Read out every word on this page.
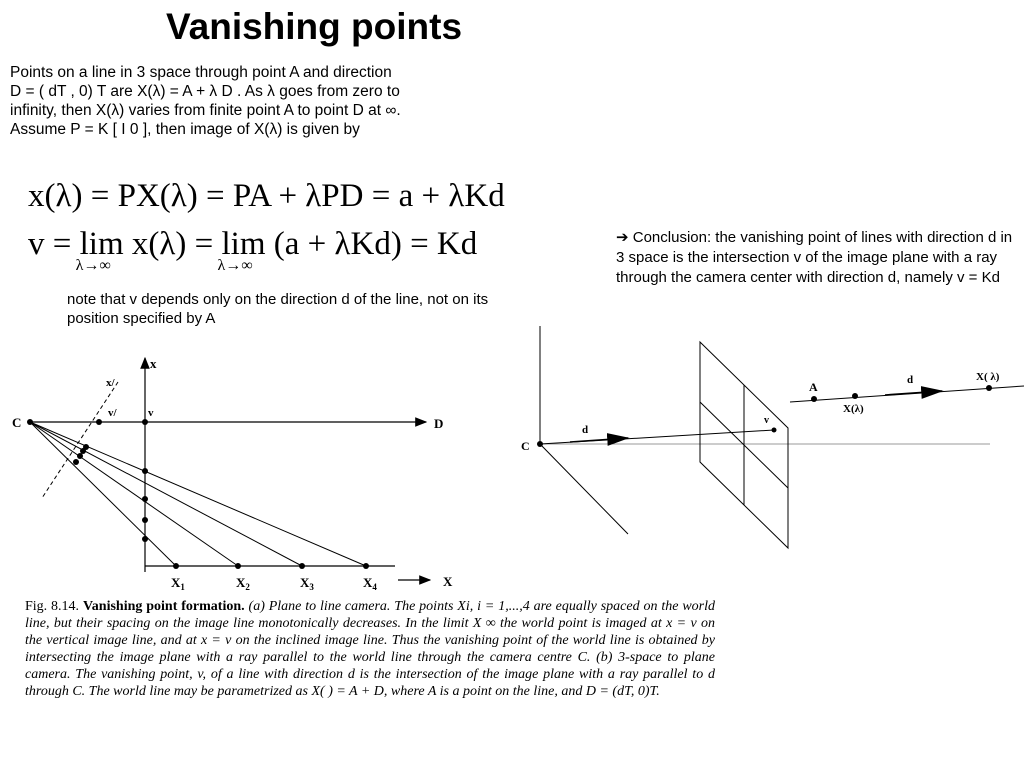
Vanishing points
Points on a line in 3 space through point A and direction
D = ( dT , 0) T are X(λ) = A + λ D . As λ goes from zero to
infinity, then X(λ) varies from finite point A to point D at ∞.
Assume P = K [ I 0 ], then image of X(λ) is given by
x(λ) = PX(λ) = PA + λPD = a + λKd
v = lim
λ→∞
x(λ) = lim
λ→∞
(a + λKd) = Kd

note that v depends only on the direction d of the line, not on its position specified by A

➔ Conclusion: the vanishing point of lines with direction d in 3 space is the intersection v of the image plane with a ray through the camera center with direction d, namely v = Kd

C	D
x
v
x/
v/
$X_1$	$X_2$	$X_3$	$X_4$	X
C
d
v
A
X(λ)
d	X( λ)

Fig. 8.14. Vanishing point formation. (a) Plane to line camera. The points Xi, i = 1,...,4 are equally spaced on the world line, but their spacing on the image line monotonically decreases. In the limit X ∞ the world point is imaged at x = v on the vertical image line, and at x = v on the inclined image line. Thus the vanishing point of the world line is obtained by intersecting the image plane with a ray parallel to the world line through the camera centre C. (b) 3-space to plane camera. The vanishing point, v, of a line with direction d is the intersection of the image plane with a ray parallel to d through C. The world line may be parametrized as X( ) = A + D, where A is a point on the line, and D = (dT, 0)T.
